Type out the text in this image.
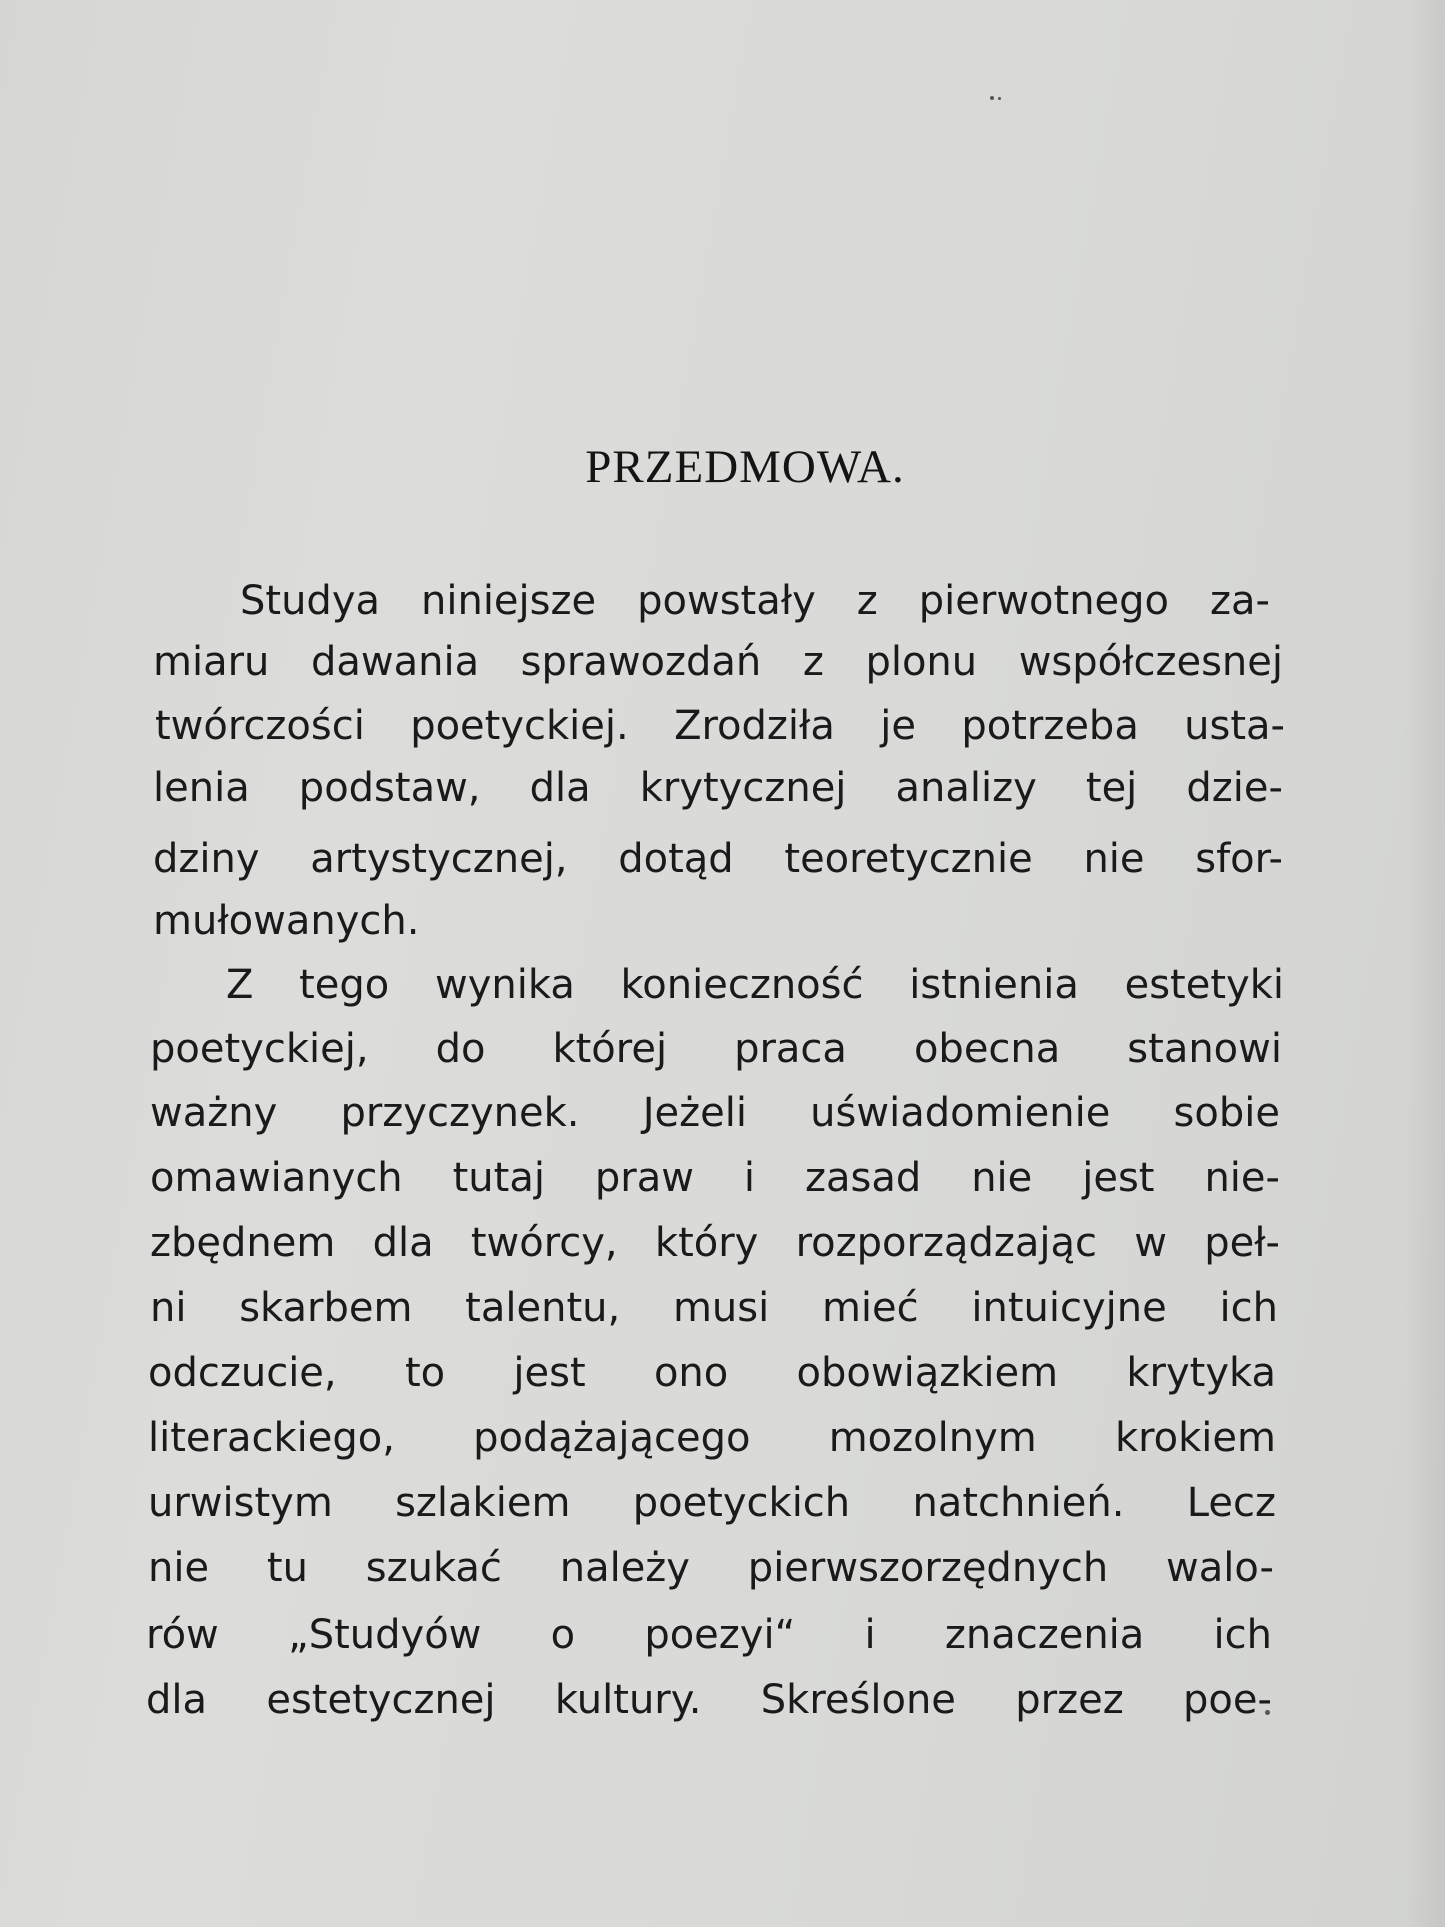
PRZEDMOWA.
Studya niniejsze powstały z pierwotnego za-
miaru dawania sprawozdań z plonu współczesnej
twórczości poetyckiej. Zrodziła je potrzeba usta-
lenia podstaw, dla krytycznej analizy tej dzie-
dziny artystycznej, dotąd teoretycznie nie sfor-
mułowanych.
Z tego wynika konieczność istnienia estetyki
poetyckiej, do której praca obecna stanowi
ważny przyczynek. Jeżeli uświadomienie sobie
omawianych tutaj praw i zasad nie jest nie-
zbędnem dla twórcy, który rozporządzając w peł-
ni skarbem talentu, musi mieć intuicyjne ich
odczucie, to jest ono obowiązkiem krytyka
literackiego, podążającego mozolnym krokiem
urwistym szlakiem poetyckich natchnień. Lecz
nie tu szukać należy pierwszorzędnych walo-
rów „Studyów o poezyi“ i znaczenia ich
dla estetycznej kultury. Skreślone przez poe-
